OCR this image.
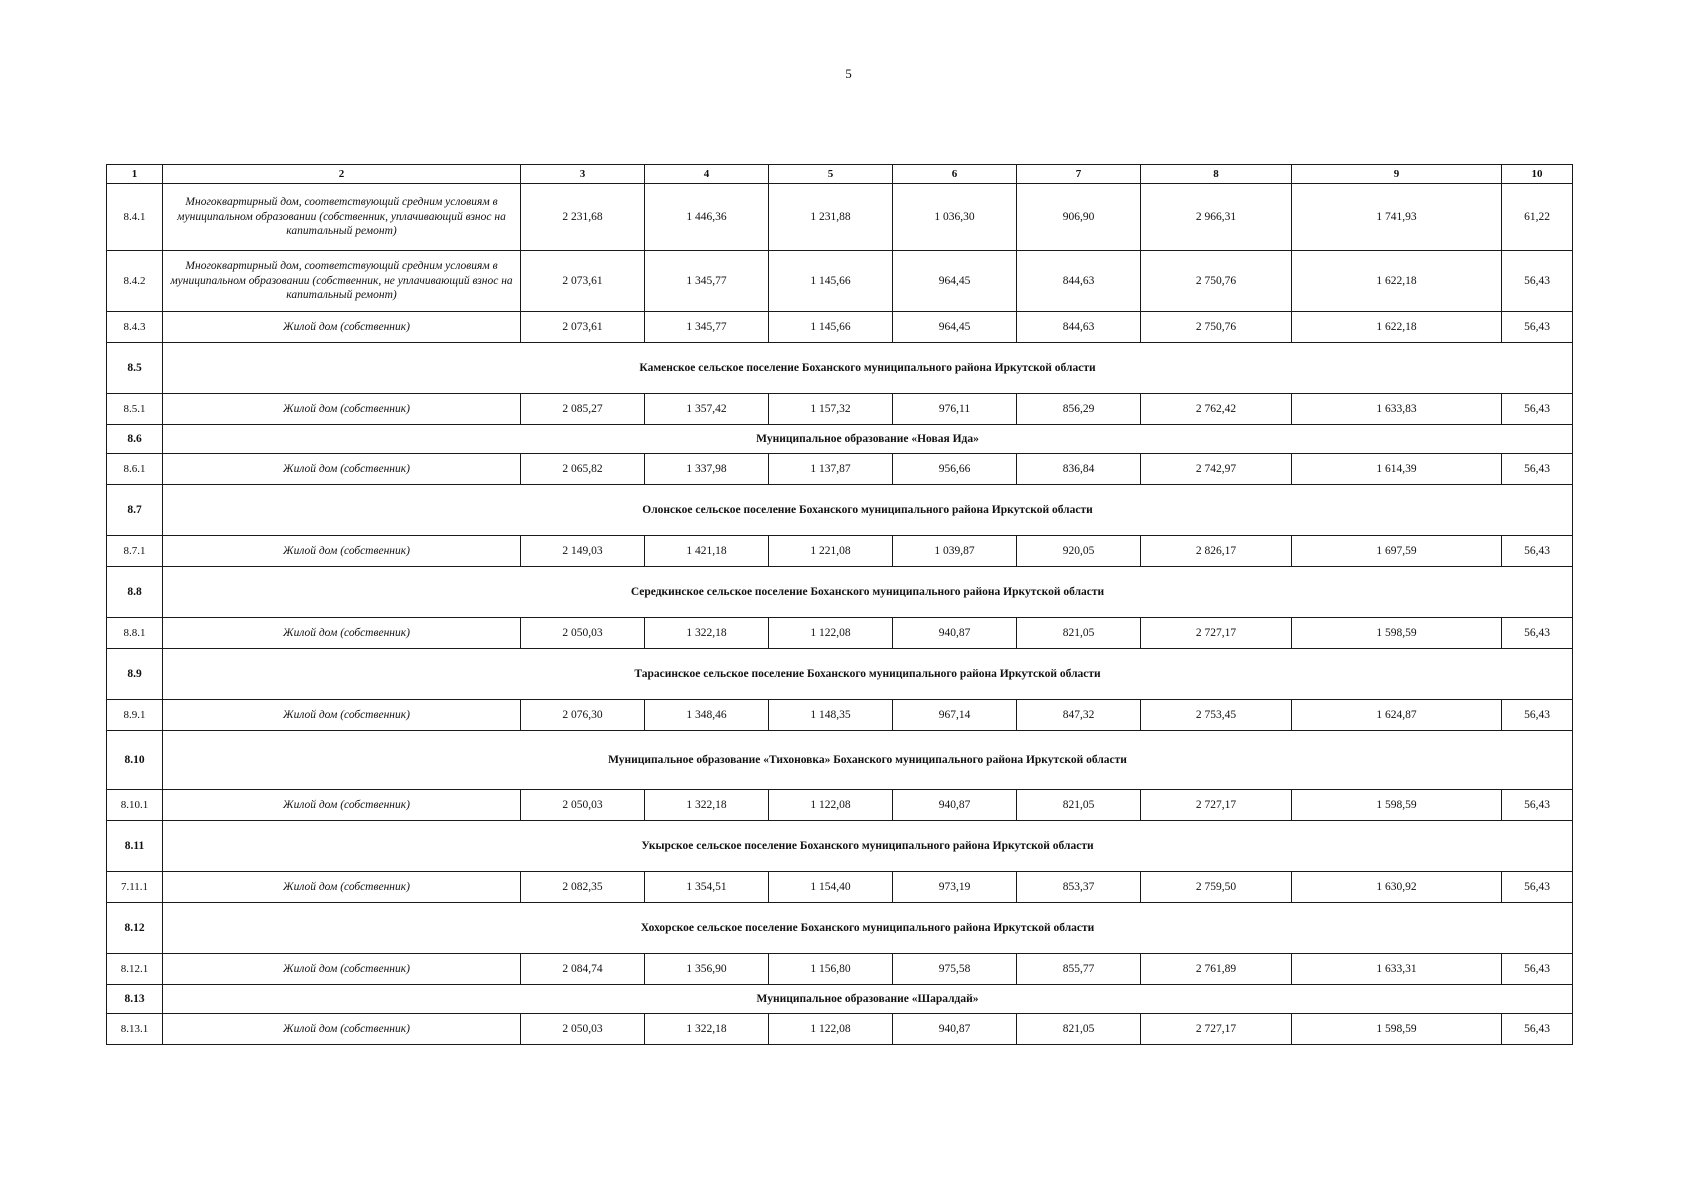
5
1	2	3	4	5	6	7	8	9	10
8.4.1	Многоквартирный дом, соответствующий средним условиям в муниципальном образовании (собственник, уплачивающий взнос на капитальный ремонт)	2 231,68	1 446,36	1 231,88	1 036,30	906,90	2 966,31	1 741,93	61,22
8.4.2	Многоквартирный дом, соответствующий средним условиям в муниципальном образовании (собственник, не уплачивающий взнос на капитальный ремонт)	2 073,61	1 345,77	1 145,66	964,45	844,63	2 750,76	1 622,18	56,43
8.4.3	Жилой дом (собственник)	2 073,61	1 345,77	1 145,66	964,45	844,63	2 750,76	1 622,18	56,43
8.5	Каменское сельское поселение Боханского муниципального района Иркутской области								
8.5.1	Жилой дом (собственник)	2 085,27	1 357,42	1 157,32	976,11	856,29	2 762,42	1 633,83	56,43
8.6	Муниципальное образование «Новая Ида»								
8.6.1	Жилой дом (собственник)	2 065,82	1 337,98	1 137,87	956,66	836,84	2 742,97	1 614,39	56,43
8.7	Олонское сельское поселение Боханского муниципального района Иркутской области								
8.7.1	Жилой дом (собственник)	2 149,03	1 421,18	1 221,08	1 039,87	920,05	2 826,17	1 697,59	56,43
8.8	Середкинское сельское поселение Боханского муниципального района Иркутской области								
8.8.1	Жилой дом (собственник)	2 050,03	1 322,18	1 122,08	940,87	821,05	2 727,17	1 598,59	56,43
8.9	Тарасинское сельское поселение Боханского муниципального района Иркутской области								
8.9.1	Жилой дом (собственник)	2 076,30	1 348,46	1 148,35	967,14	847,32	2 753,45	1 624,87	56,43
8.10	Муниципальное образование «Тихоновка» Боханского муниципального района Иркутской области								
8.10.1	Жилой дом (собственник)	2 050,03	1 322,18	1 122,08	940,87	821,05	2 727,17	1 598,59	56,43
8.11	Укырское сельское поселение Боханского муниципального района Иркутской области								
7.11.1	Жилой дом (собственник)	2 082,35	1 354,51	1 154,40	973,19	853,37	2 759,50	1 630,92	56,43
8.12	Хохорское сельское поселение Боханского муниципального района Иркутской области								
8.12.1	Жилой дом (собственник)	2 084,74	1 356,90	1 156,80	975,58	855,77	2 761,89	1 633,31	56,43
8.13	Муниципальное образование «Шаралдай»								
8.13.1	Жилой дом (собственник)	2 050,03	1 322,18	1 122,08	940,87	821,05	2 727,17	1 598,59	56,43
